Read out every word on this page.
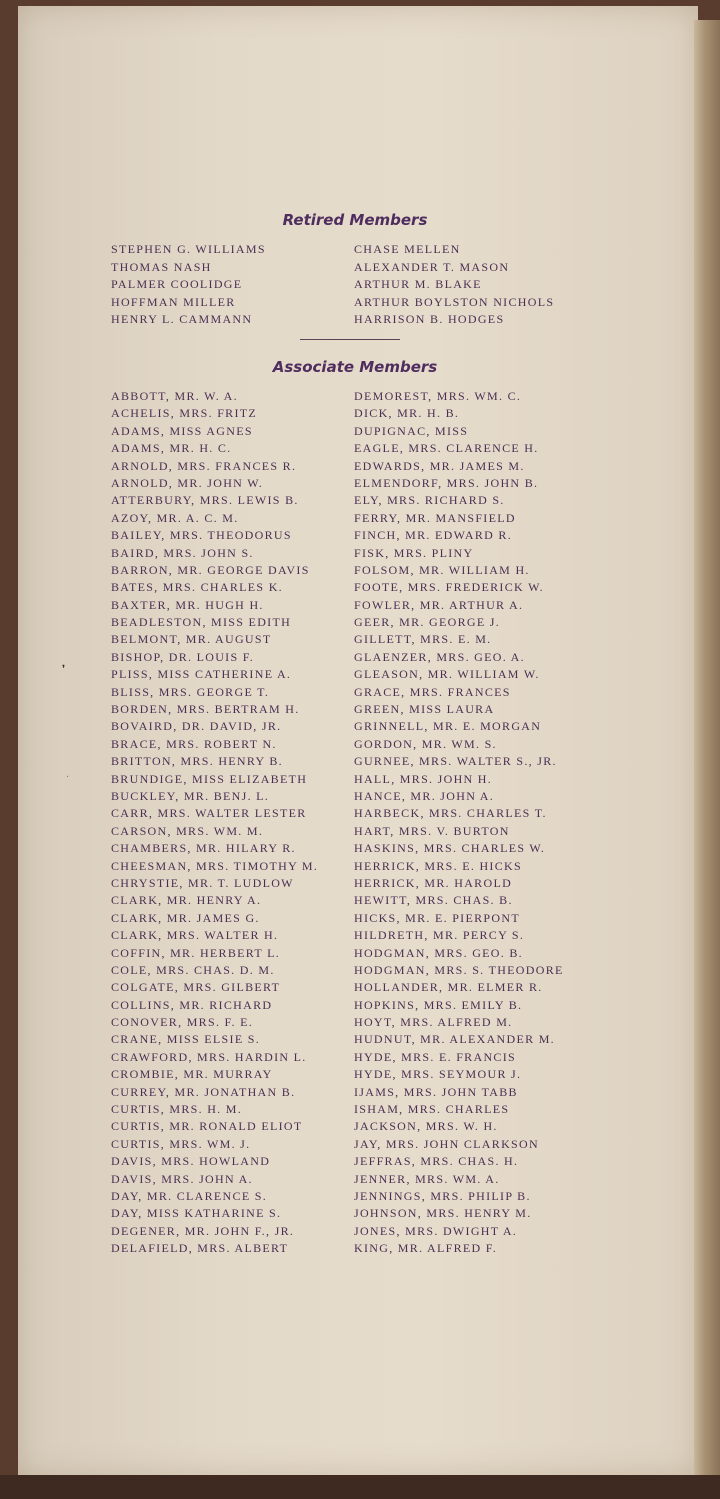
Retired Members
STEPHEN G. WILLIAMS
THOMAS NASH
PALMER COOLIDGE
HOFFMAN MILLER
HENRY L. CAMMANN
CHASE MELLEN
ALEXANDER T. MASON
ARTHUR M. BLAKE
ARTHUR BOYLSTON NICHOLS
HARRISON B. HODGES
Associate Members
ABBOTT, MR. W. A.
ACHELIS, MRS. FRITZ
ADAMS, MISS AGNES
ADAMS, MR. H. C.
ARNOLD, MRS. FRANCES R.
ARNOLD, MR. JOHN W.
ATTERBURY, MRS. LEWIS B.
AZOY, MR. A. C. M.
BAILEY, MRS. THEODORUS
BAIRD, MRS. JOHN S.
BARRON, MR. GEORGE DAVIS
BATES, MRS. CHARLES K.
BAXTER, MR. HUGH H.
BEADLESTON, MISS EDITH
BELMONT, MR. AUGUST
BISHOP, DR. LOUIS F.
PLISS, MISS CATHERINE A.
BLISS, MRS. GEORGE T.
BORDEN, MRS. BERTRAM H.
BOVAIRD, DR. DAVID, JR.
BRACE, MRS. ROBERT N.
BRITTON, MRS. HENRY B.
BRUNDIGE, MISS ELIZABETH
BUCKLEY, MR. BENJ. L.
CARR, MRS. WALTER LESTER
CARSON, MRS. WM. M.
CHAMBERS, MR. HILARY R.
CHEESMAN, MRS. TIMOTHY M.
CHRYSTIE, MR. T. LUDLOW
CLARK, MR. HENRY A.
CLARK, MR. JAMES G.
CLARK, MRS. WALTER H.
COFFIN, MR. HERBERT L.
COLE, MRS. CHAS. D. M.
COLGATE, MRS. GILBERT
COLLINS, MR. RICHARD
CONOVER, MRS. F. E.
CRANE, MISS ELSIE S.
CRAWFORD, MRS. HARDIN L.
CROMBIE, MR. MURRAY
CURREY, MR. JONATHAN B.
CURTIS, MRS. H. M.
CURTIS, MR. RONALD ELIOT
CURTIS, MRS. WM. J.
DAVIS, MRS. HOWLAND
DAVIS, MRS. JOHN A.
DAY, MR. CLARENCE S.
DAY, MISS KATHARINE S.
DEGENER, MR. JOHN F., JR.
DELAFIELD, MRS. ALBERT
DEMOREST, MRS. WM. C.
DICK, MR. H. B.
DUPIGNAC, MISS
EAGLE, MRS. CLARENCE H.
EDWARDS, MR. JAMES M.
ELMENDORF, MRS. JOHN B.
ELY, MRS. RICHARD S.
FERRY, MR. MANSFIELD
FINCH, MR. EDWARD R.
FISK, MRS. PLINY
FOLSOM, MR. WILLIAM H.
FOOTE, MRS. FREDERICK W.
FOWLER, MR. ARTHUR A.
GEER, MR. GEORGE J.
GILLETT, MRS. E. M.
GLAENZER, MRS. GEO. A.
GLEASON, MR. WILLIAM W.
GRACE, MRS. FRANCES
GREEN, MISS LAURA
GRINNELL, MR. E. MORGAN
GORDON, MR. WM. S.
GURNEE, MRS. WALTER S., JR.
HALL, MRS. JOHN H.
HANCE, MR. JOHN A.
HARBECK, MRS. CHARLES T.
HART, MRS. V. BURTON
HASKINS, MRS. CHARLES W.
HERRICK, MRS. E. HICKS
HERRICK, MR. HAROLD
HEWITT, MRS. CHAS. B.
HICKS, MR. E. PIERPONT
HILDRETH, MR. PERCY S.
HODGMAN, MRS. GEO. B.
HODGMAN, MRS. S. THEODORE
HOLLANDER, MR. ELMER R.
HOPKINS, MRS. EMILY B.
HOYT, MRS. ALFRED M.
HUDNUT, MR. ALEXANDER M.
HYDE, MRS. E. FRANCIS
HYDE, MRS. SEYMOUR J.
IJAMS, MRS. JOHN TABB
ISHAM, MRS. CHARLES
JACKSON, MRS. W. H.
JAY, MRS. JOHN CLARKSON
JEFFRAS, MRS. CHAS. H.
JENNER, MRS. WM. A.
JENNINGS, MRS. PHILIP B.
JOHNSON, MRS. HENRY M.
JONES, MRS. DWIGHT A.
KING, MR. ALFRED F.
❜
·
